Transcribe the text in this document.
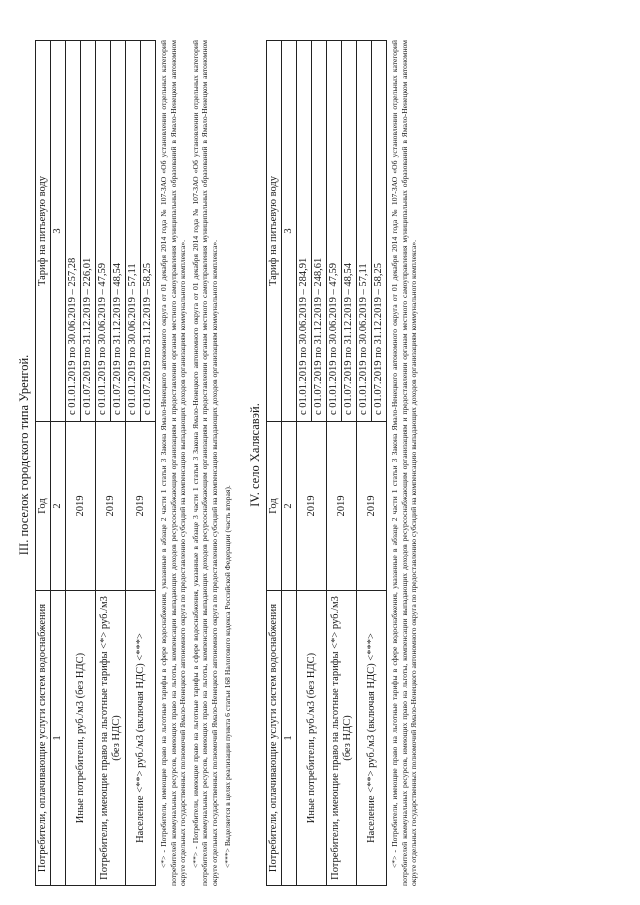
III. поселок городского типа Уренгой.
Потребители, оплачивающие услуги систем водоснабжения	Год	Тариф на питьевую воду
1	2	3
Иные потребители, руб./м3 (без НДС)	2019	с 01.01.2019 по 30.06.2019 – 257,28
		с 01.07.2019 по 31.12.2019 – 226,01
Потребители, имеющие право на льготные тарифы <*> руб./м3 (без НДС)	2019	с 01.01.2019 по 30.06.2019 – 47,59
		с 01.07.2019 по 31.12.2019 – 48,54
Население <**> руб./м3 (включая НДС) <***>	2019	с 01.01.2019 по 30.06.2019 – 57,11
		с 01.07.2019 по 31.12.2019 – 58,25 <*> - Потребители, имеющие право на льготные тарифы в сфере водоснабжения, указанные в абзаце 2 части 1 статьи 3 Закона Ямало-Ненецкого автономного округа от 01 декабря 2014 года № 107-ЗАО «Об установлении отдельных категорий потребителей коммунальных ресурсов, имеющих право на льготы, компенсации выпадающих доходов ресурсоснабжающим организациям и предоставлении органам местного самоуправления муниципальных образований в Ямало-Ненецком автономном округе отдельных государственных полномочий Ямало-Ненецкого автономного округа по предоставлению субсидий на компенсацию выпадающих доходов организациям коммунального комплекса». <**> - Потребители, имеющие право на льготные тарифы в сфере водоснабжения, указанные в абзаце 3 части 1 статьи 3 Закона Ямало-Ненецкого автономного округа от 01 декабря 2014 года № 107-ЗАО «Об установлении отдельных категорий потребителей коммунальных ресурсов, имеющих право на льготы, компенсации выпадающих доходов ресурсоснабжающим организациям и предоставлении органам местного самоуправления муниципальных образований в Ямало-Ненецком автономном округе отдельных государственных полномочий Ямало-Ненецкого автономного округа по предоставлению субсидий на компенсацию выпадающих доходов организациям коммунального комплекса». <***> Выделяется в целях реализации пункта 6 статьи 168 Налогового кодекса Российской Федерации (часть вторая).

IV. село Халясавэй.
Потребители, оплачивающие услуги систем водоснабжения	Год	Тариф на питьевую воду
1	2	3
Иные потребители, руб./м3 (без НДС)	2019	с 01.01.2019 по 30.06.2019 – 284,91
		с 01.07.2019 по 31.12.2019 – 248,61
Потребители, имеющие право на льготные тарифы <*> руб./м3 (без НДС)	2019	с 01.01.2019 по 30.06.2019 – 47,59
		с 01.07.2019 по 31.12.2019 – 48,54
Население <**> руб./м3 (включая НДС) <***>	2019	с 01.01.2019 по 30.06.2019 – 57,11
		с 01.07.2019 по 31.12.2019 – 58,25 <*> - Потребители, имеющие право на льготные тарифы в сфере водоснабжения, указанные в абзаце 2 части 1 статьи 3 Закона Ямало-Ненецкого автономного округа от 01 декабря 2014 года № 107-ЗАО «Об установлении отдельных категорий потребителей коммунальных ресурсов, имеющих право на льготы, компенсации выпадающих доходов ресурсоснабжающим организациям и предоставлении органам местного самоуправления муниципальных образований в Ямало-Ненецком автономном округе отдельных государственных полномочий Ямало-Ненецкого автономного округа по предоставлению субсидий на компенсацию выпадающих доходов организациям коммунального комплекса».
